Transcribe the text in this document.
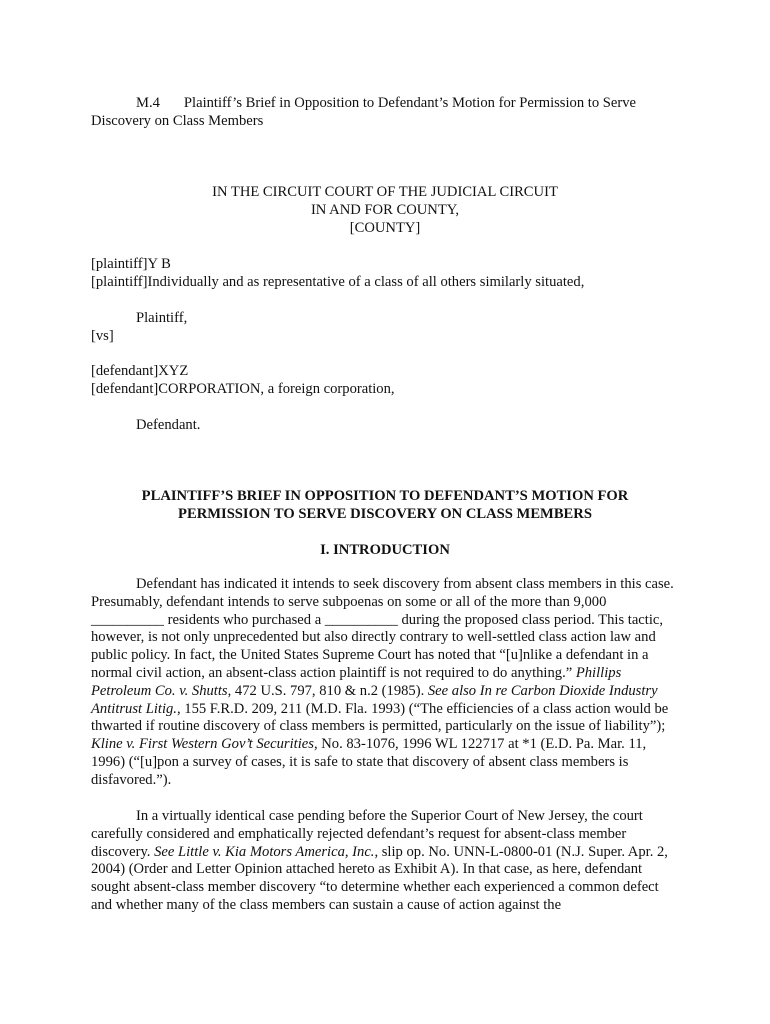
M.4 Plaintiff’s Brief in Opposition to Defendant’s Motion for Permission to Serve
Discovery on Class Members
IN THE CIRCUIT COURT OF THE JUDICIAL CIRCUIT
IN AND FOR COUNTY,
[COUNTY]
[plaintiff]Y B
[plaintiff]Individually and as representative of a class of all others similarly situated,
Plaintiff,
[vs]
[defendant]XYZ
[defendant]CORPORATION, a foreign corporation,
Defendant.
PLAINTIFF’S BRIEF IN OPPOSITION TO DEFENDANT’S MOTION FOR
PERMISSION TO SERVE DISCOVERY ON CLASS MEMBERS
I. INTRODUCTION

Defendant has indicated it intends to seek discovery from absent class members in this case. Presumably, defendant intends to serve subpoenas on some or all of the more than 9,000 __________ residents who purchased a __________ during the proposed class period. This tactic, however, is not only unprecedented but also directly contrary to well-settled class action law and public policy. In fact, the United States Supreme Court has noted that “[u]nlike a defendant in a normal civil action, an absent-class action plaintiff is not required to do anything.” Phillips Petroleum Co. v. Shutts, 472 U.S. 797, 810 & n.2 (1985). See also In re Carbon Dioxide Industry Antitrust Litig., 155 F.R.D. 209, 211 (M.D. Fla. 1993) (“The efficiencies of a class action would be thwarted if routine discovery of class members is permitted, particularly on the issue of liability”); Kline v. First Western Gov’t Securities, No. 83-1076, 1996 WL 122717 at *1 (E.D. Pa. Mar. 11, 1996) (“[u]pon a survey of cases, it is safe to state that discovery of absent class members is disfavored.”).

In a virtually identical case pending before the Superior Court of New Jersey, the court carefully considered and emphatically rejected defendant’s request for absent-class member discovery. See Little v. Kia Motors America, Inc., slip op. No. UNN-L-0800-01 (N.J. Super. Apr. 2, 2004) (Order and Letter Opinion attached hereto as Exhibit A). In that case, as here, defendant sought absent-class member discovery “to determine whether each experienced a common defect and whether many of the class members can sustain a cause of action against the
